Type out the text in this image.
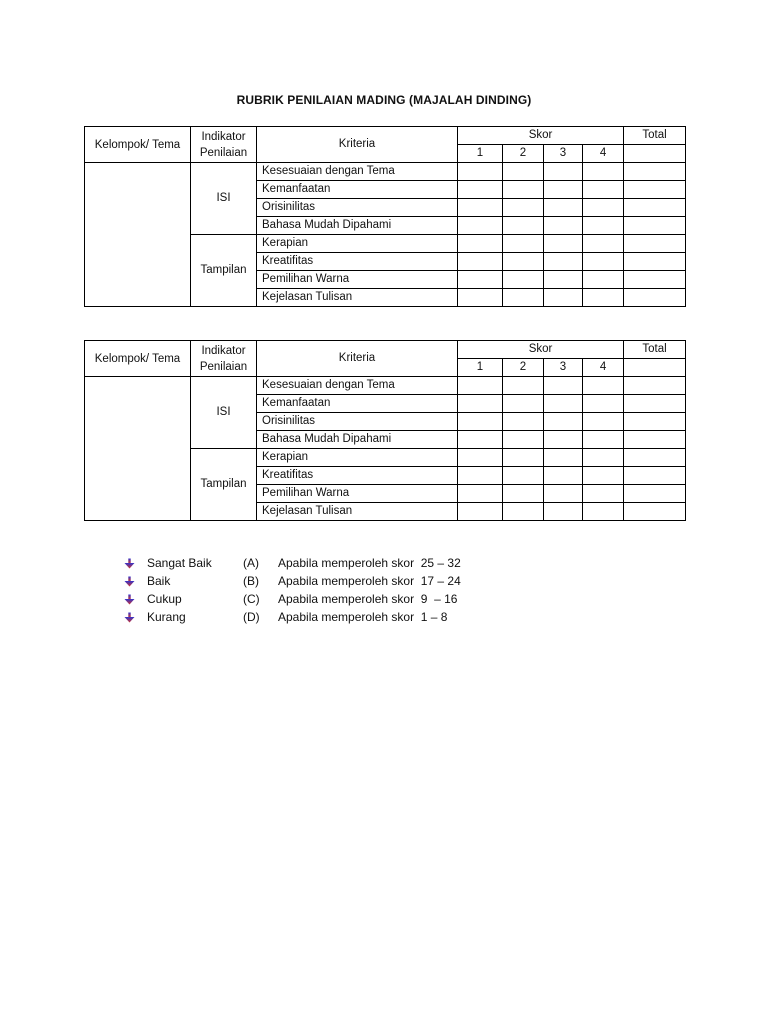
RUBRIK PENILAIAN MADING (MAJALAH DINDING)
Kelompok/ Tema	Indikator Penilaian	Kriteria	Skor				Total
			1	2	3	4	
	ISI	Kesesuaian dengan Tema					
		Kemanfaatan					
		Orisinilitas					
		Bahasa Mudah Dipahami					
	Tampilan	Kerapian					
		Kreatifitas					
		Pemilihan Warna					
		Kejelasan Tulisan					
Kelompok/ Tema	Indikator Penilaian	Kriteria	Skor				Total
			1	2	3	4	
	ISI	Kesesuaian dengan Tema					
		Kemanfaatan					
		Orisinilitas					
		Bahasa Mudah Dipahami					
	Tampilan	Kerapian					
		Kreatifitas					
		Pemilihan Warna					
		Kejelasan Tulisan					
Sangat Baik	(A)	Apabila memperoleh skor  25 – 32
Baik	(B)	Apabila memperoleh skor  17 – 24
Cukup	(C)	Apabila memperoleh skor  9  – 16
Kurang	(D)	Apabila memperoleh skor  1 – 8
